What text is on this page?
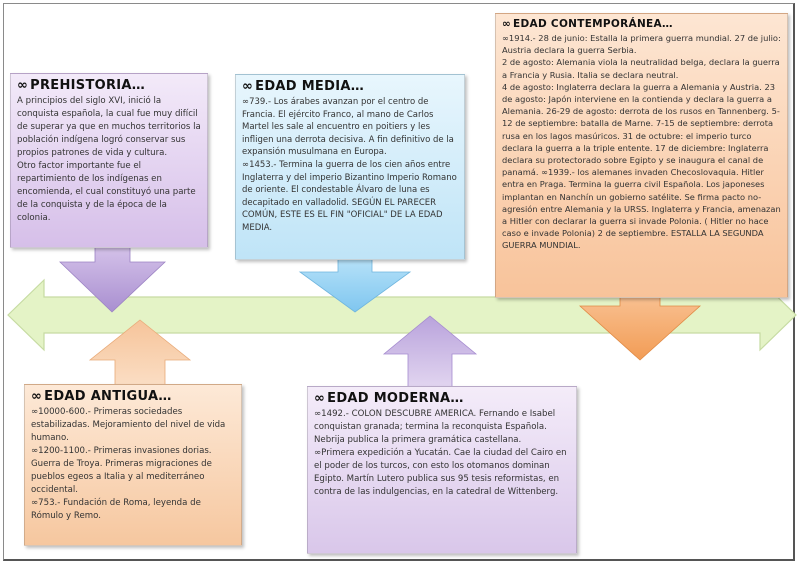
∞ PREHISTORIA…

A principios del siglo XVI, inició la conquista española, la cual fue muy difícil de superar ya que en muchos territorios la población indígena logró conservar sus propios patrones de vida y cultura.

Otro factor importante fue el repartimiento de los indígenas en encomienda, el cual constituyó una parte de la conquista y de la época de la colonia.

∞ EDAD MEDIA…

∞739.- Los árabes avanzan por el centro de Francia. El ejército Franco, al mano de Carlos Martel les sale al encuentro en poitiers y les infligen una derrota decisiva. A fin definitivo de la expansión musulmana en Europa.

∞1453.- Termina la guerra de los cien años entre Inglaterra y del imperio Bizantino Imperio Romano de oriente. El condestable Álvaro de luna es decapitado en valladolid. SEGÚN EL PARECER COMÚN, ESTE ES EL FIN "OFICIAL" DE LA EDAD MEDIA.

∞ EDAD CONTEMPORÁNEA…

∞1914.- 28 de junio: Estalla la primera guerra mundial. 27 de julio: Austria declara la guerra Serbia.

2 de agosto: Alemania viola la neutralidad belga, declara la guerra a Francia y Rusia. Italia se declara neutral.

4 de agosto: Inglaterra declara la guerra a Alemania y Austria. 23 de agosto: Japón interviene en la contienda y declara la guerra a Alemania. 26-29 de agosto: derrota de los rusos en Tannenberg. 5-12 de septiembre: batalla de Marne. 7-15 de septiembre: derrota rusa en los lagos masúricos. 31 de octubre: el imperio turco declara la guerra a la triple entente. 17 de diciembre: Inglaterra declara su protectorado sobre Egipto y se inaugura el canal de panamá. ∞1939.- los alemanes invaden Checoslovaquia. Hitler entra en Praga. Termina la guerra civil Española. Los japoneses implantan en Nanchín un gobierno satélite. Se firma pacto no-agresión entre Alemania y la URSS. Inglaterra y Francia, amenazan a Hitler con declarar la guerra si invade Polonia. ( Hitler no hace caso e invade Polonia) 2 de septiembre. ESTALLA LA SEGUNDA GUERRA MUNDIAL.

∞ EDAD ANTIGUA…

∞10000-600.- Primeras sociedades estabilizadas. Mejoramiento del nivel de vida humano.

∞1200-1100.- Primeras invasiones dorias. Guerra de Troya. Primeras migraciones de pueblos egeos a Italia y al mediterráneo occidental.

∞753.- Fundación de Roma, leyenda de Rómulo y Remo.

∞ EDAD MODERNA…

∞1492.- COLON DESCUBRE AMERICA. Fernando e Isabel conquistan granada; termina la reconquista Española. Nebrija publica la primera gramática castellana.

∞Primera expedición a Yucatán. Cae la ciudad del Cairo en el poder de los turcos, con esto los otomanos dominan Egipto. Martín Lutero publica sus 95 tesis reformistas, en contra de las indulgencias, en la catedral de Wittenberg.
